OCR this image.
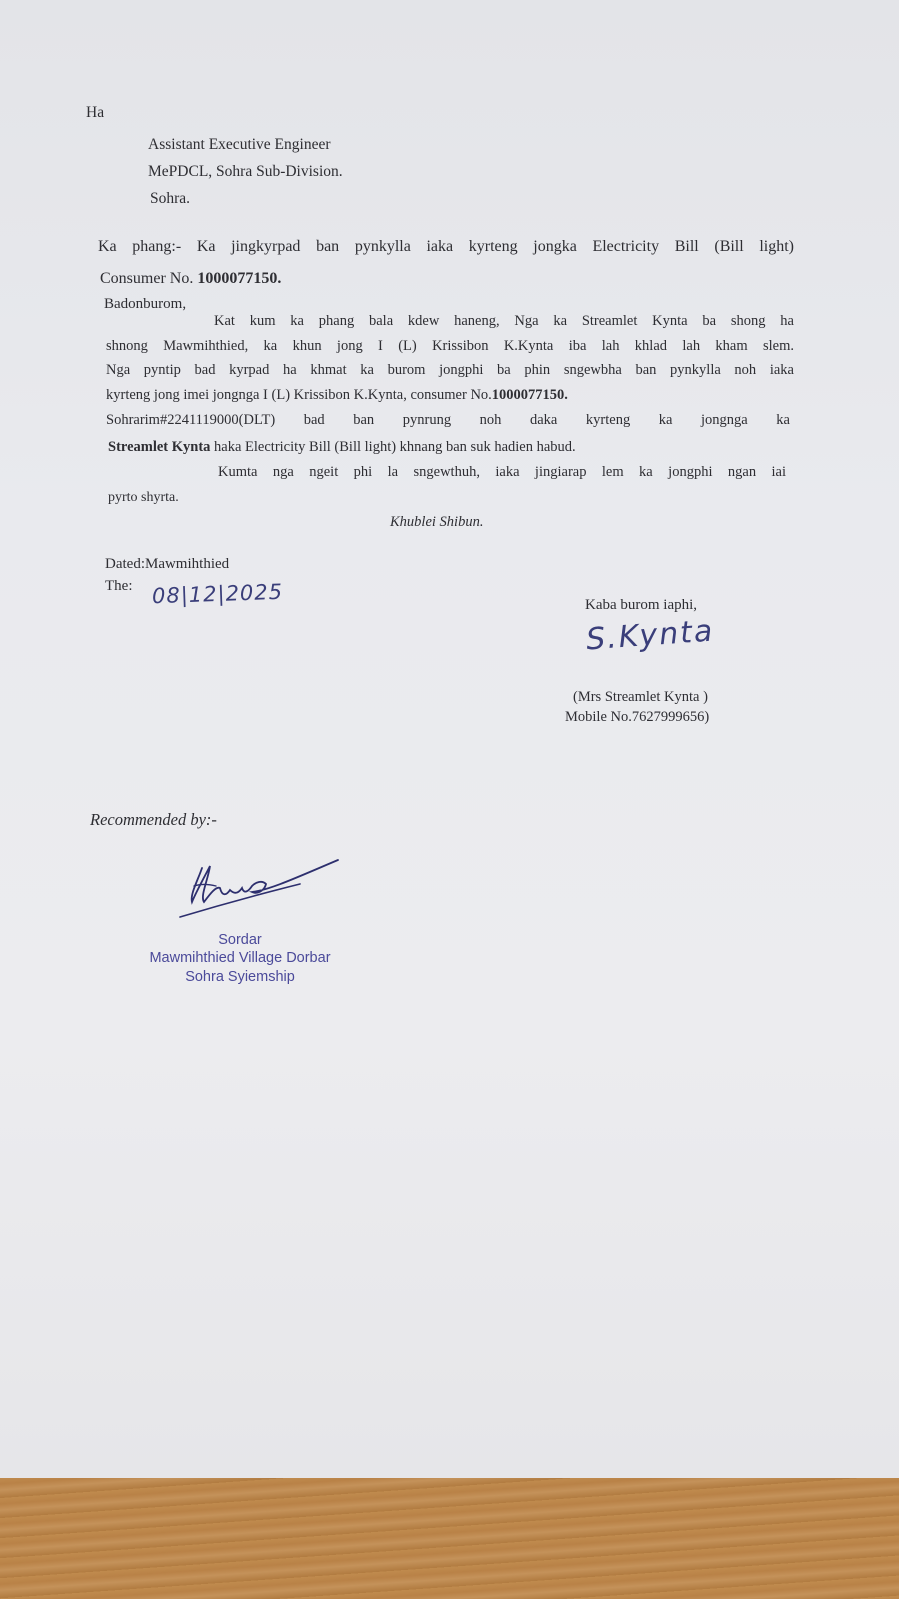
Ha
Assistant Executive Engineer
MePDCL, Sohra Sub-Division.
Sohra.
Ka phang:- Ka jingkyrpad ban pynkylla iaka kyrteng jongka Electricity Bill (Bill light)
Consumer No. 1000077150.
Badonburom,
Kat kum ka phang bala kdew haneng, Nga ka Streamlet Kynta ba shong ha
shnong Mawmihthied, ka khun jong I (L) Krissibon K.Kynta iba lah khlad lah kham slem.
Nga pyntip bad kyrpad ha khmat ka burom jongphi ba phin sngewbha ban pynkylla noh iaka
kyrteng jong imei jongnga I (L) Krissibon K.Kynta, consumer No.1000077150.
Sohrarim#2241119000(DLT) bad ban pynrung noh daka kyrteng ka jongnga ka
Streamlet Kynta haka Electricity Bill (Bill light) khnang ban suk hadien habud.
Kumta nga ngeit phi la sngewthuh, iaka jingiarap lem ka jongphi ngan iai
pyrto shyrta.
Khublei Shibun.
Dated:Mawmihthied
The: 08|12|2025	Kaba burom iaphi,
S.Kynta
(Mrs Streamlet Kynta )
Mobile No.7627999656)
Recommended by:-
Sordar
Mawmihthied Village Dorbar
Sohra Syiemship
